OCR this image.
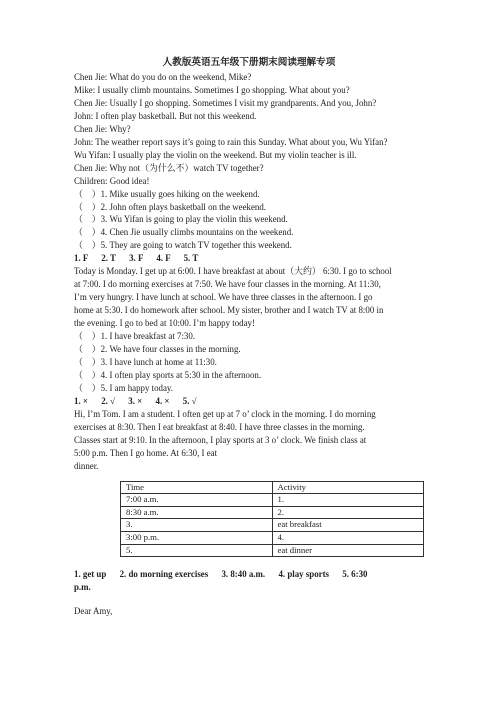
人教版英语五年级下册期末阅读理解专项
Chen Jie: What do you do on the weekend, Mike?
Mike: I usually climb mountains. Sometimes I go shopping. What about you?
Chen Jie: Usually I go shopping. Sometimes I visit my grandparents. And you, John?
John: I often play basketball. But not this weekend.
Chen Jie: Why?
John: The weather report says it’s going to rain this Sunday. What about you, Wu Yifan?
Wu Yifan: I usually play the violin on the weekend. But my violin teacher is ill.
Chen Jie: Why not（为什么不）watch TV together?
Children: Good idea!
（　）1. Mike usually goes hiking on the weekend.
（　）2. John often plays basketball on the weekend.
（　）3. Wu Yifan is going to play the violin this weekend.
（　）4. Chen Jie usually climbs mountains on the weekend.
（　）5. They are going to watch TV together this weekend.
1. F      2. T      3. F      4. F      5. T
Today is Monday. I get up at 6:00. I have breakfast at about（大约） 6:30. I go to school
at 7:00. I do morning exercises at 7:50. We have four classes in the morning. At 11:30,
I’m very hungry. I have lunch at school. We have three classes in the afternoon. I go
home at 5:30. I do homework after school. My sister, brother and I watch TV at 8:00 in
the evening. I go to bed at 10:00. I’m happy today!
（　）1. I have breakfast at 7:30.
（　）2. We have four classes in the morning.
（　）3. I have lunch at home at 11:30.
（　）4. I often play sports at 5:30 in the afternoon.
（　）5. I am happy today.
1. ×      2. √      3. ×      4. ×      5. √
Hi, I’m Tom. I am a student. I often get up at 7 o’ clock in the morning. I do morning
exercises at 8:30. Then I eat breakfast at 8:40. I have three classes in the morning.
Classes start at 9:10. In the afternoon, I play sports at 3 o’ clock. We finish class at
5:00 p.m. Then I go home. At 6:30, I eat
dinner.
Time	Activity
7:00 a.m.	1.
8:30 a.m.	2.
3.	eat breakfast
3:00 p.m.	4.
5.	eat dinner
1. get up      2. do morning exercises      3. 8:40 a.m.      4. play sports      5. 6:30
p.m.
Dear Amy,
